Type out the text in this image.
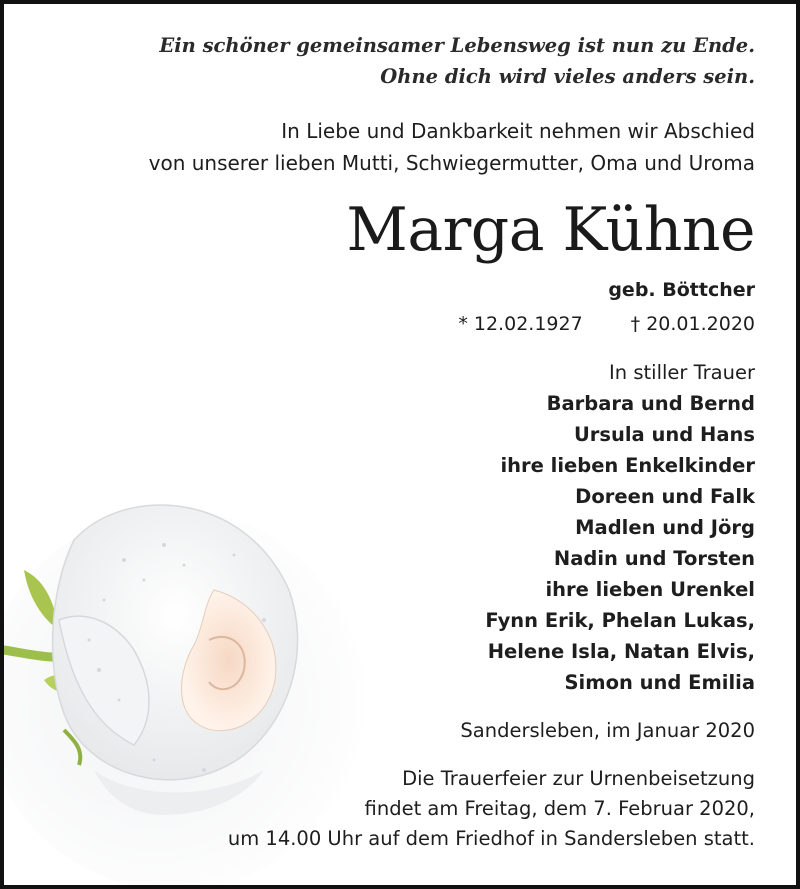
Ein schöner gemeinsamer Lebensweg ist nun zu Ende.
Ohne dich wird vieles anders sein.
In Liebe und Dankbarkeit nehmen wir Abschied
von unserer lieben Mutti, Schwiegermutter, Oma und Uroma
Marga Kühne
geb. Böttcher
* 12.02.1927	† 20.01.2020
In stiller Trauer
Barbara und Bernd
Ursula und Hans
ihre lieben Enkelkinder
Doreen und Falk
Madlen und Jörg
Nadin und Torsten
ihre lieben Urenkel
Fynn Erik, Phelan Lukas,
Helene Isla, Natan Elvis,
Simon und Emilia
Sandersleben, im Januar 2020
Die Trauerfeier zur Urnenbeisetzung
findet am Freitag, dem 7. Februar 2020,
um 14.00 Uhr auf dem Friedhof in Sandersleben statt.
